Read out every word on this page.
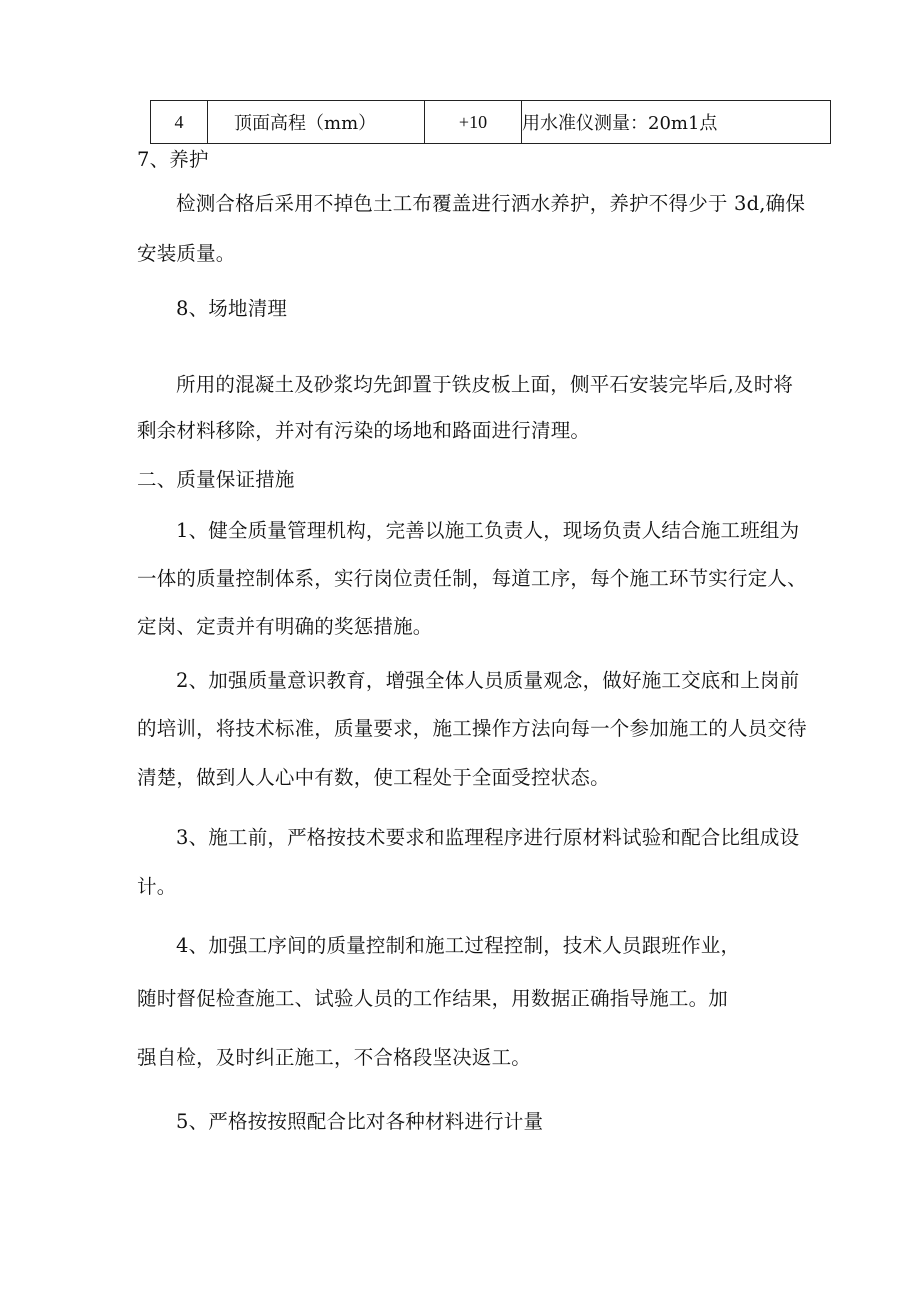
4	顶面高程（mm）	+10	用水准仪测量：20m1点
7、养护
检测合格后采用不掉色土工布覆盖进行洒水养护，养护不得少于 3d,确保
安装质量。
8、场地清理
所用的混凝土及砂浆均先卸置于铁皮板上面，侧平石安装完毕后,及时将
剩余材料移除，并对有污染的场地和路面进行清理。
二、质量保证措施
1、健全质量管理机构，完善以施工负责人，现场负责人结合施工班组为
一体的质量控制体系，实行岗位责任制，每道工序，每个施工环节实行定人、
定岗、定责并有明确的奖惩措施。
2、加强质量意识教育，增强全体人员质量观念，做好施工交底和上岗前
的培训，将技术标准，质量要求，施工操作方法向每一个参加施工的人员交待
清楚，做到人人心中有数，使工程处于全面受控状态。
3、施工前，严格按技术要求和监理程序进行原材料试验和配合比组成设
计。
4、加强工序间的质量控制和施工过程控制，技术人员跟班作业，
随时督促检查施工、试验人员的工作结果，用数据正确指导施工。加
强自检，及时纠正施工，不合格段坚决返工。
5、严格按按照配合比对各种材料进行计量
